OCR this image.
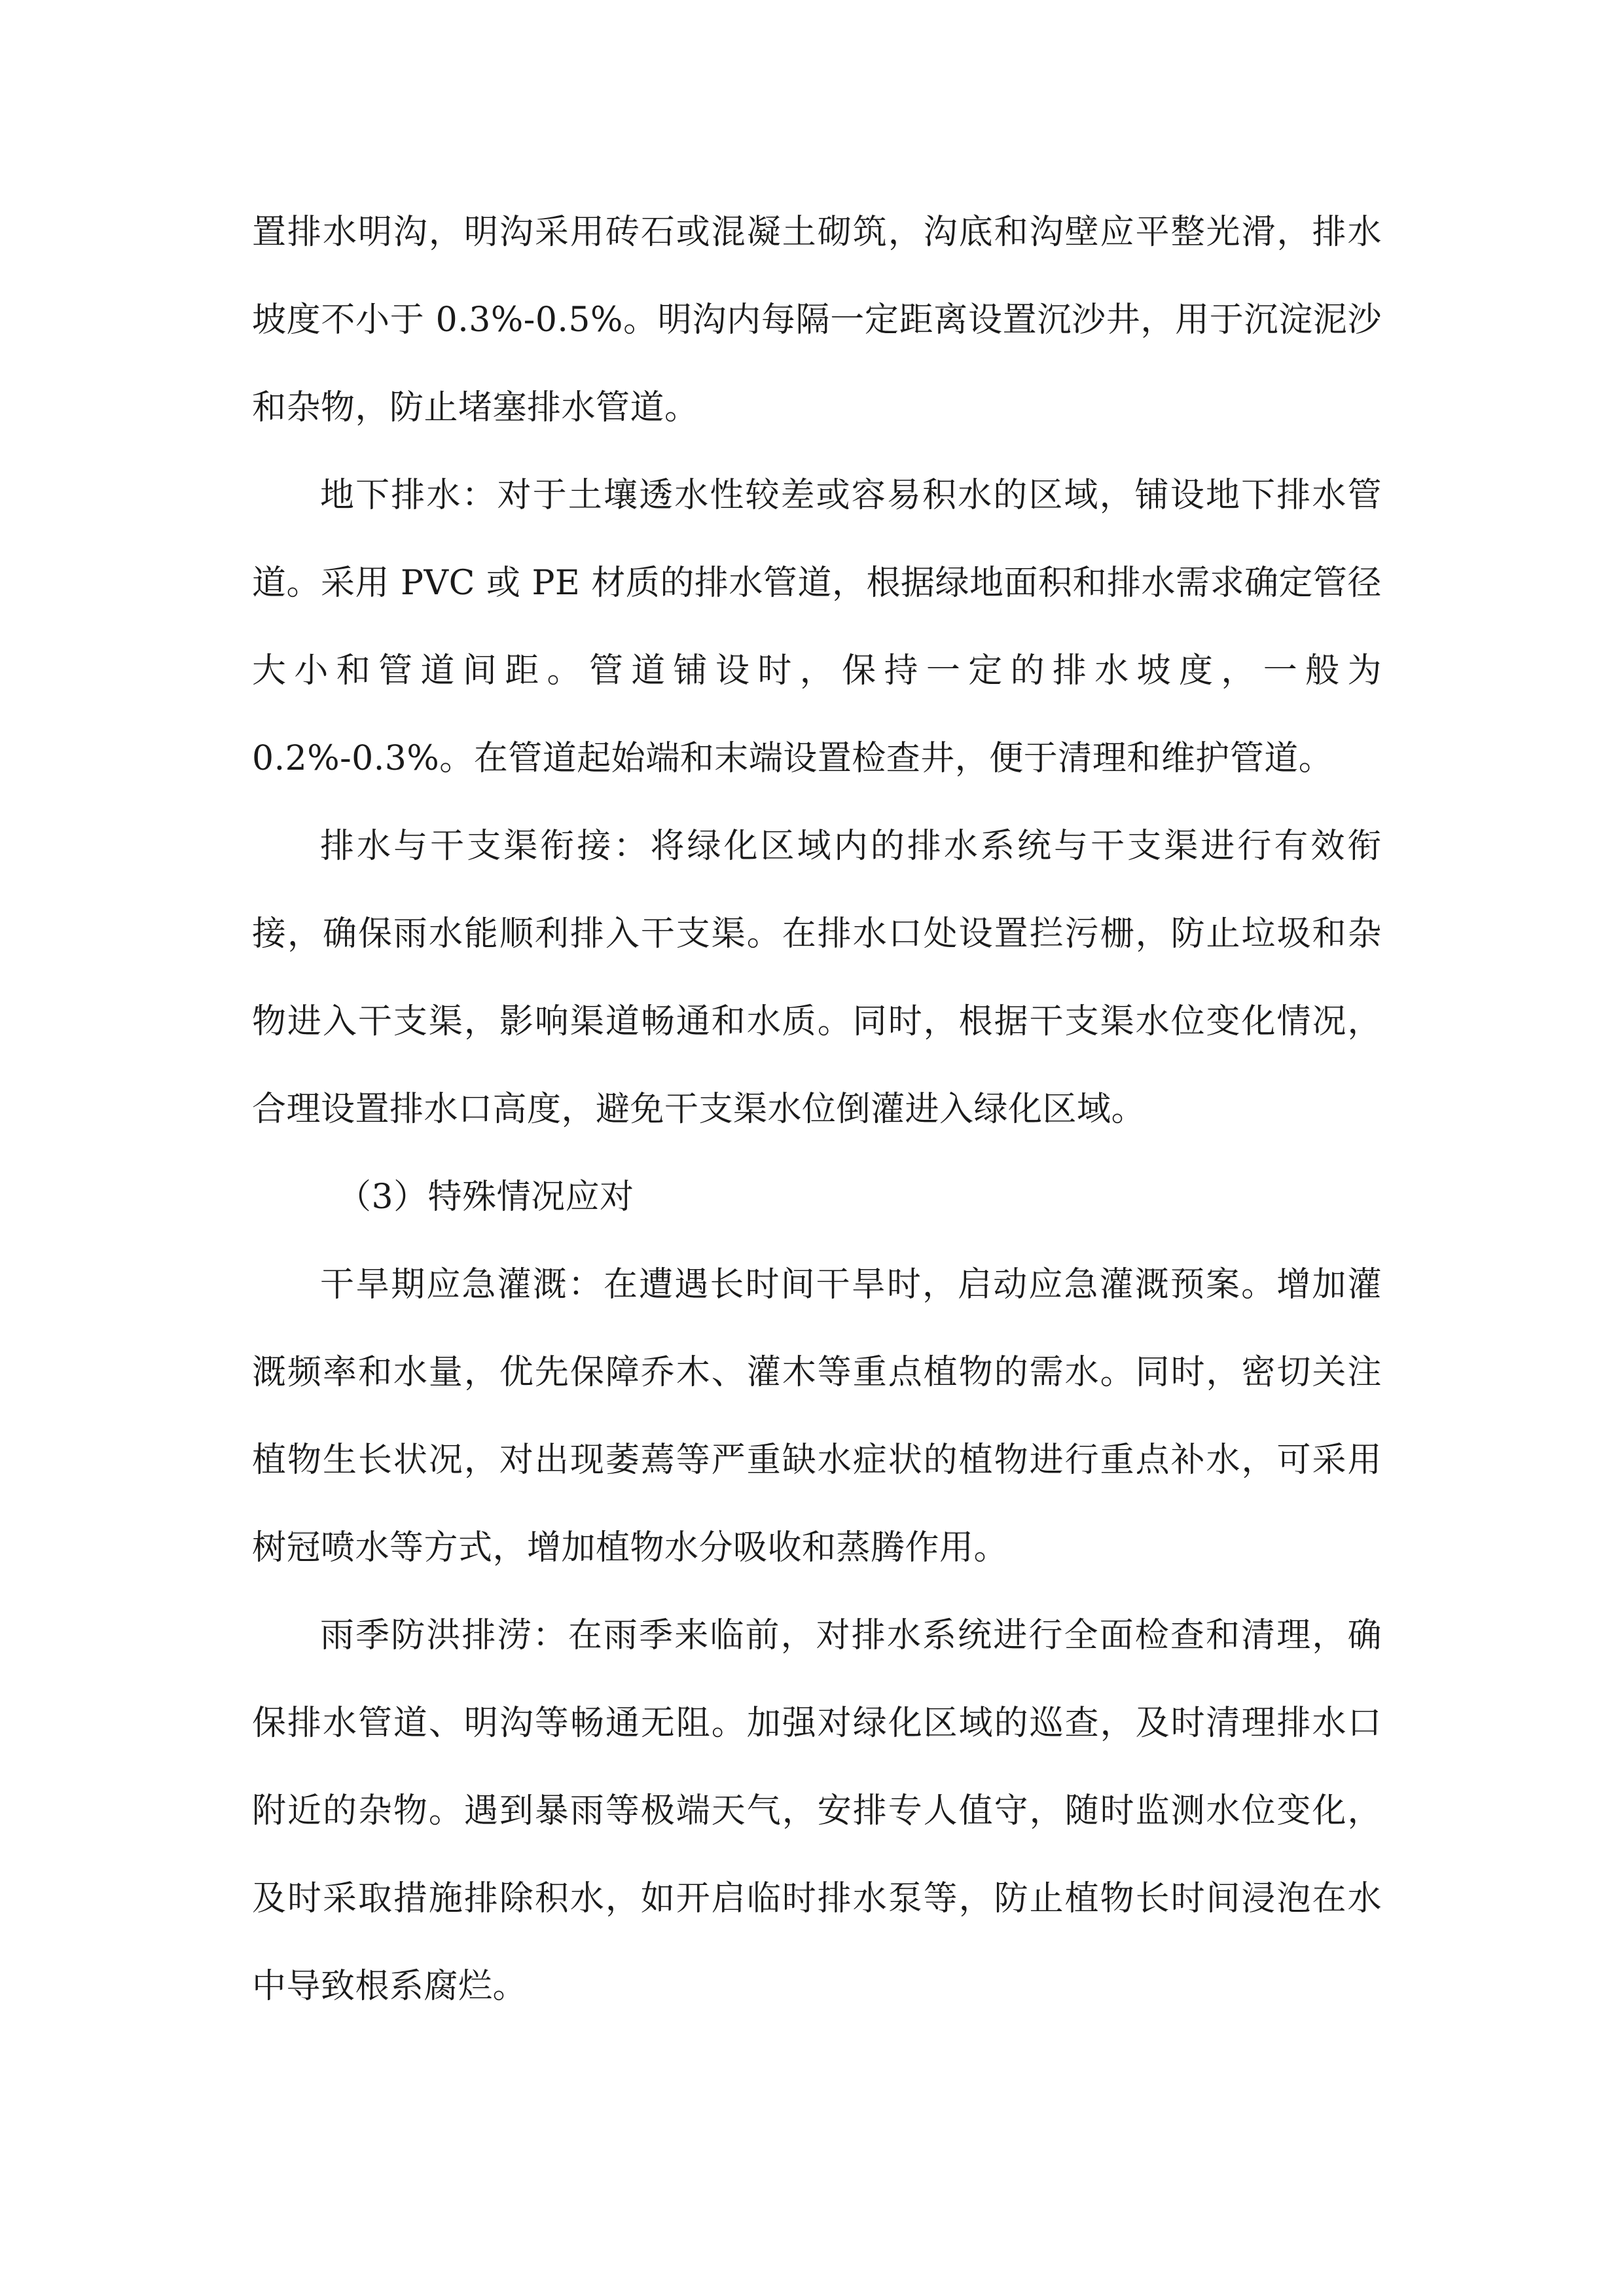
置排水明沟，明沟采用砖石或混凝土砌筑，沟底和沟壁应平整光滑，排水坡度不小于 0.3%-0.5%。明沟内每隔一定距离设置沉沙井，用于沉淀泥沙和杂物，防止堵塞排水管道。

地下排水：对于土壤透水性较差或容易积水的区域，铺设地下排水管道。采用 PVC 或 PE 材质的排水管道，根据绿地面积和排水需求确定管径大小和管道间距。管道铺设时，保持一定的排水坡度，一般为 0.2%-0.3%。在管道起始端和末端设置检查井，便于清理和维护管道。

排水与干支渠衔接：将绿化区域内的排水系统与干支渠进行有效衔接，确保雨水能顺利排入干支渠。在排水口处设置拦污栅，防止垃圾和杂物进入干支渠，影响渠道畅通和水质。同时，根据干支渠水位变化情况，合理设置排水口高度，避免干支渠水位倒灌进入绿化区域。

（3）特殊情况应对

干旱期应急灌溉：在遭遇长时间干旱时，启动应急灌溉预案。增加灌溉频率和水量，优先保障乔木、灌木等重点植物的需水。同时，密切关注植物生长状况，对出现萎蔫等严重缺水症状的植物进行重点补水，可采用树冠喷水等方式，增加植物水分吸收和蒸腾作用。

雨季防洪排涝：在雨季来临前，对排水系统进行全面检查和清理，确保排水管道、明沟等畅通无阻。加强对绿化区域的巡查，及时清理排水口附近的杂物。遇到暴雨等极端天气，安排专人值守，随时监测水位变化，及时采取措施排除积水，如开启临时排水泵等，防止植物长时间浸泡在水中导致根系腐烂。
